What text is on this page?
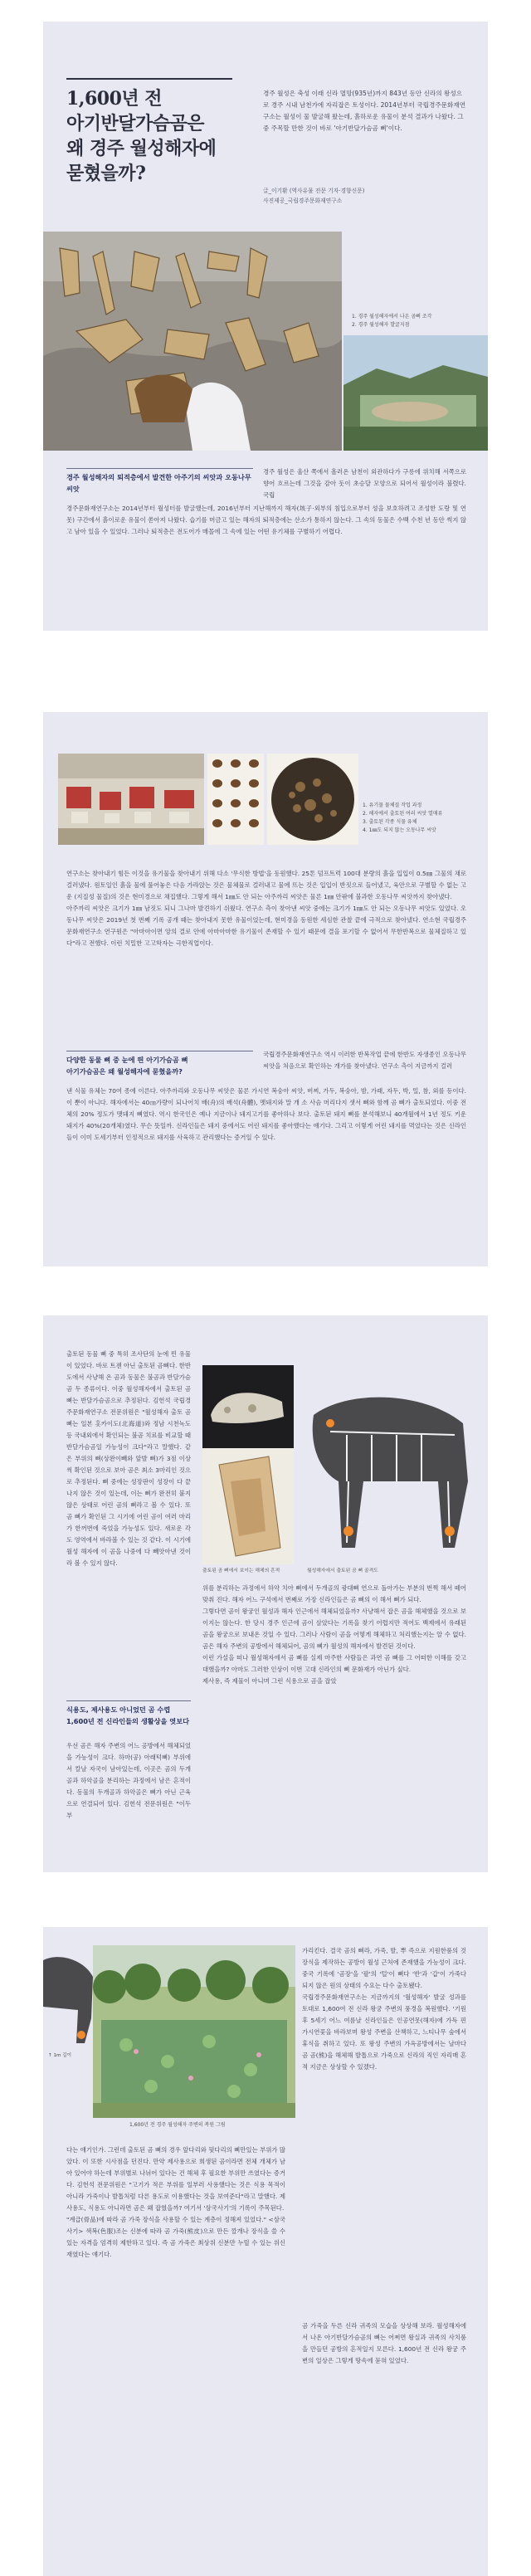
1,600년 전
아기반달가슴곰은
왜 경주 월성해자에
묻혔을까?

경주 월성은 축성 이래 신라 멸망(935년)까지 843년 동안 신라의 왕성으로 경주 시내 남천가에 자리잡은 토성이다. 2014년부터 국립경주문화재연구소는 월성이 물 발굴해 왔는데, 흙하로운 유물이 분석 결과가 나왔다. 그 중 주목할 만한 것이 바로 '아기반달가슴곰 뼈'이다.

글_이기환 (역사유물 전문 기자·경향신문)
사진제공_국립경주문화재연구소

1. 경주 월성해자에서 나온 곰뼈 조각
2. 경주 월성해자 발굴지점

경주 월성해자의 퇴적층에서 발견한 아주기의 씨앗과 오동나무 씨앗

경주 월성은 울산 쪽에서 흘러온 남천이 외관하다가 구릉에 위치해 서쪽으로 향어 흐르는데 그것을 감아 돗이 초승달 모양으로 되어서 월성이라 불렸다. 국립

경주문화재연구소는 2014년부터 월성터를 발굴했는데, 2016년부터 지난해까지 해자(垓子·외부의 침입으로부터 성을 보호하려고 조성한 도랑 및 연못) 구간에서 흙이로운 유물이 쏟아져 나왔다. 습기를 머금고 있는 해자의 퇴적층에는 산소가 통하지 않는다. 그 속의 동물은 수백 수천 년 동안 썩지 않고 남아 있을 수 있었다. 그러나 퇴적층은 전도어가 매몰에 그 속에 있는 어떤 유기체를 구별하기 어렵다.

1. 유기물 물체질 작업 과정
2. 해자에서 출토된 여러 씨앗 열매류
3. 출토된 각종 식물 유체
4. 1㎜도 되지 않는 오동나무 씨앗

연구소는 찾아내기 힘든 이것을 유기물을 찾아내기 위해 다소 '무식한 방법'을 동원했다. 25톤 덤프트럭 100대 분량의 흙을 입입이 0.5㎜ 그물의 채로 걸러냈다. 원토일인 흙을 물에 풀어놓은 다음 가라앉는 것은 물체물로 걸러내고 물에 뜨는 것은 입입이 반짓으로 들어냈고, 육안으로 구별할 수 없는 고운 (지질성 물질)의 것은 현미경으로 채집했다. 그렇게 해서 1㎜도 안 되는 아주까리 씨앗은 물론 1㎜ 안팎에 불과한 오동나무 씨앗까지 찾아냈다.
아주까리 씨앗은 크기가 1㎜ 남짓도 되니 그나마 발견하기 쉬웠다. 연구소 측이 찾아낸 씨앗 중에는 크기가 1㎜도 안 되는 오동나무 씨앗도 있었다. 오동나무 씨앗은 2019년 첫 번째 기록 공개 때는 찾아내지 못한 유물이었는데, 현미경을 동원한 세심한 관찰 끝에 극적으로 찾아냈다. 연소현 국립경주문화재연구소 연구원은 "아마아이면 앙의 결로 안에 아마아마한 유기물이 존재할 수 있기 때문에 결을 포기할 수 없어서 무한반복으로 물체질하고 있다"라고 전했다. 이런 치밀한 고고학자는 극한직업이다.

다양한 동물 뼈 중 눈에 띈 아기가슴곰 뼈
아기가슴곰은 왜 월성해자에 묻혔을까?

국립경주문화재연구소 역시 이러한 반복작업 끝에 한반도 자생종인 오동나무 씨앗을 처음으로 확인하는 개가를 찾아냈다. 연구소 측이 지금까지 걸러

낸 식물 유체는 70여 종에 이른다. 아주까리와 오동나무 씨앗은 물론 가시연 복숭아 씨앗, 버찌, 가두, 복숭아, 밤, 가래, 자두, 박, 밀, 참, 외를 등이다. 이 뿐이 아니다. 해자에서는 40㎝가량이 되나어치 배(舟)의 배석(舟體), 멧돼지와 말 개 소 사슴 머리다지 샛서 뼈와 함께 곰 뼈가 출토되었다. 이중 전체의 20% 정도가 멧돼지 뼈였다. 역시 한국인은 예나 지금이나 돼지고기를 좋아하나 보다. 출토된 돼지 뼈를 분석해보니 40개월에서 1년 정도 키운 돼지가 40%(20개체)였다. 무슨 뜻일까. 신라인들은 돼지 중에서도 어린 돼지를 좋아했다는 얘기다. 그리고 이렇게 어린 돼지를 먹었다는 것은 신라인들이 이미 도세기부터 인정적으로 돼지를 사육하고 관리했다는 증거일 수 있다.

출토된 동물 뼈 중 특히 조사단의 눈에 띈 유물이 있었다. 바로 트젠 아닌 출토된 곰뼈다. 한반도에서 사냥해 온 곰과 동물은 불곰과 반달가슴곰 두 종류이다. 이중 월성해자에서 출토된 곰 뼈는 반달가슴곰으로 추정된다. 김헌석 국립경주문화재연구소 전문위원은 "월성해자 출토 곰 뼈는 일본 홋카이도(北海道)와 정남 시천녹도 등 국내외에서 확인되는 불곰 치료를 비교할 때 반달가슴곰일 가능성이 크다"라고 말했다. 같은 부위의 뼈(상완이빼와 앞발 뼈)가 3점 이상씩 확인된 것으로 보아 곰은 최소 3마리인 것으로 추정된다. 뼈 중에는 성장판이 성장이 다 끝나지 않은 것이 있는데, 이는 뼈가 완전히 붙지 않은 상태로 어린 곰의 뼈라고 볼 수 있다. 또 곰 뼈가 확인된 그 시기에 어린 곰이 여러 마리가 한꺼번에 죽었을 가능성도 있다. 새로운 각도 영역에서 바라볼 수 있는 것 같다. 이 시기에 월성 해자에 이 곰을 나중에 다 빼앗아낸 것이라 볼 수 있지 않다.

출토된 곰 뼈에서 보이는 해체의 흔적	월성해자에서 출토된 곰 뼈 골격도

식용도, 제사용도 아니었던 곰 수렵
1,600년 전 신라인들의 생활상을 엿보다

우선 곰은 해자 주변의 어느 공방에서 해체되었을 가능성이 크다. 하마(공) 아래턱뼈) 부위에서 칼날 자국이 남아있는데, 이곳은 곰의 두개골과 하악골을 분리하는 과정에서 남은 흔적이다. 동물의 두개골과 하악골은 뼈가 아닌 근육으로 연결되어 있다. 김헌석 전문위원은 "이두 부

위를 분리하는 과정에서 하악 치아 뼈에서 두개골의 광대뼈 연으로 돌아가는 부분의 번쩍 해서 떼어 맞춰 진다. 해자 어느 구석에서 번째로 가장 신라인들은 곰 뼈의 이 해서 뼈가 되다.
그렇다면 곰이 왕궁인 월성과 해자 인근에서 해체되었을까? 사냥해서 잡은 곰을 해체했을 것으로 보이지는 않는다. 한 당시 경주 인근에 곰이 살았다는 기록을 찾기 어렵지만 적어도 백제에서 유래된 곰을 왕궁으로 보내온 것일 수 있다. 그러나 사람이 곰을 어떻게 해체하고 처리했는지는 알 수 없다. 곰은 해자 주변의 공방에서 해체되어, 곰의 뼈가 월성의 해자에서 발견된 것이다.
이런 가설을 떠나 월성해자에서 곰 뼈를 실제 마주한 사람들은 과연 곰 뼈를 그 어떠한 이해를 갖고 대했을까? 아마도 그러한 인상이 이번 고대 신라인의 뼈 문화재가 아닌가 싶다.
제사용, 즉 제물이 아니며 그런 식용으로 곰을 잡았

↑ 1m 길이

1,600년 전 경주 월성해자 주변의 복원 그림

가리킨다. 결국 곰의 뼈라, 가죽, 발, 뿌 즉으로 지원한품의 것 장식을 제작하는 공방이 월성 근처에 존재했을 가능성이 크다. 중국 기록에 '곰장'을 '팔'의 '털'이 뼈다 '반'과 '갑'이 가죽다 되지 않은 원의 상태의 수요는 다수 출토됐다.
국립경주문화재연구소는 지금까지의 '월성해자' 발굴 성과를 토대로 1,600여 전 신라 왕궁 주변의 풍경을 복원했다. '기원 후 5세기 어느 여름날 신라인들은 인공연못(해자)에 가득 핀 가시연꽃을 바라보며 왕성 주변을 산책하고, 느티나무 숲에서 휴식을 취하고 있다. 또 왕성 주변의 가옥공방에서는 날마다 곰 곰(熊)을 해체해 발톱으로 가죽으로 신라의 직인 자리매 흔적 지금은 상상할 수 있겠다.

다는 얘기인가. 그런데 출토된 곰 뼈의 경우 앞다리와 뒷다리의 뼈만있는 부위가 많았다. 이 또한 시사점을 던진다. 만약 제사용으로 희생된 곰이라면 전체 개체가 남아 있어야 하는데 부위별로 나뉘어 있다는 건 해체 후 필요한 부위만 쓰였다는 증거다. 김헌석 전문위원은 "고기가 적은 부위를 일부러 사용했다는 것은 식용 목적이 아니라 가죽이나 발톱처럼 다른 용도로 이용했다는 것을 보여준다"라고 말했다. 제사용도, 식용도 아니라면 곰은 왜 잡혔을까? 여기서 '삼국사기'의 기록이 주목된다.
"계급(骨品)에 따라 곰 가죽 장식을 사용할 수 있는 계층이 정해져 있었다." <삼국사기> 색복(色服)조는 신분에 따라 곰 가죽(熊皮)으로 만든 깔개나 장식을 쓸 수 있는 자격을 엄격히 제한하고 있다. 즉 곰 가죽은 최상위 신분만 누릴 수 있는 위신재였다는 얘기다.

곰 가죽을 두른 신라 귀족의 모습을 상상해 보라. 월성해자에서 나온 아기반달가슴곰의 뼈는 어쩌면 왕실과 귀족의 사치품을 만들던 공방의 흔적일지 모른다. 1,600년 전 신라 왕궁 주변의 일상은 그렇게 땅속에 묻혀 있었다.
